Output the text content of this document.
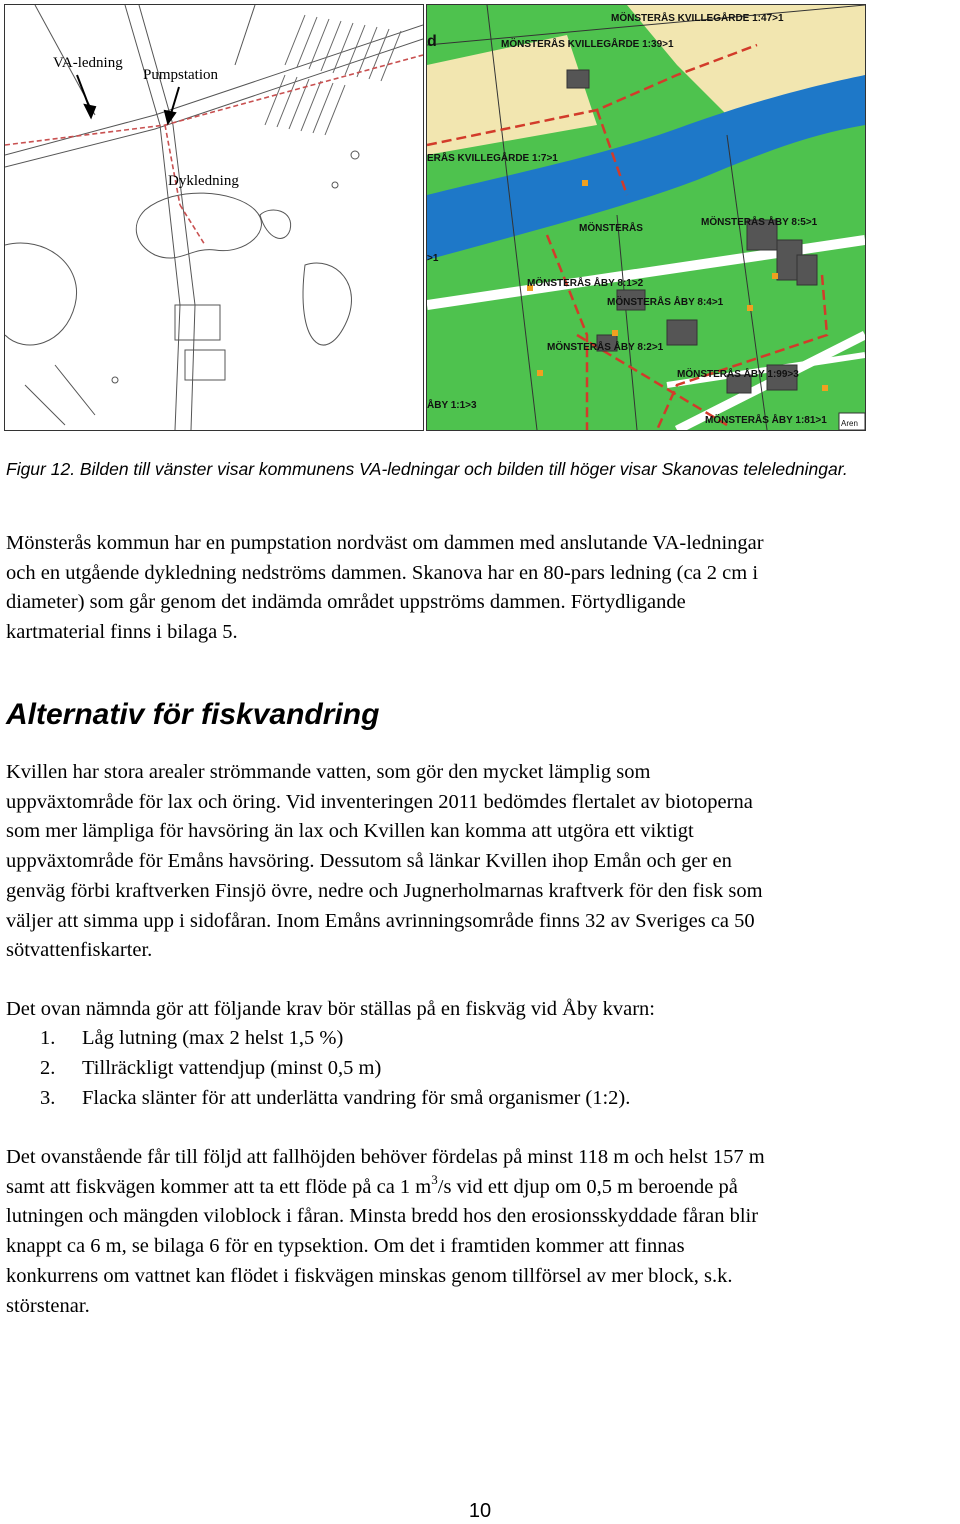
VA-ledning
Pumpstation
Dykledning
MÖNSTERÅS KVILLEGÅRDE 1:47>1
MÖNSTERÅS KVILLEGÅRDE 1:39>1
ERÅS KVILLEGÅRDE 1:7>1
MÖNSTERÅS
MÖNSTERÅS ÅBY 8:5>1
MÖNSTERÅS ÅBY 8:1>2
MÖNSTERÅS ÅBY 8:4>1
MÖNSTERÅS ÅBY 8:2>1
MÖNSTERÅS ÅBY 1:99>3
ÅBY 1:1>3
MÖNSTERÅS ÅBY 1:81>1
>1
d
Aren
Figur 12. Bilden till vänster visar kommunens VA-ledningar och bilden till höger visar Skanovas teleledningar.
Mönsterås kommun har en pumpstation nordväst om dammen med anslutande VA-ledningar
och en utgående dykledning nedströms dammen. Skanova har en 80-pars ledning (ca 2 cm i
diameter) som går genom det indämda området uppströms dammen. Förtydligande
kartmaterial finns i bilaga 5.
Alternativ för fiskvandring
Kvillen har stora arealer strömmande vatten, som gör den mycket lämplig som
uppväxtområde för lax och öring. Vid inventeringen 2011 bedömdes flertalet av biotoperna
som mer lämpliga för havsöring än lax och Kvillen kan komma att utgöra ett viktigt
uppväxtområde för Emåns havsöring. Dessutom så länkar Kvillen ihop Emån och ger en
genväg förbi kraftverken Finsjö övre, nedre och Jugnerholmarnas kraftverk för den fisk som
väljer att simma upp i sidofåran. Inom Emåns avrinningsområde finns 32 av Sveriges ca 50
sötvattenfiskarter.
Det ovan nämnda gör att följande krav bör ställas på en fiskväg vid Åby kvarn:
1. Låg lutning (max 2 helst 1,5 %)
2. Tillräckligt vattendjup (minst 0,5 m)
3. Flacka slänter för att underlätta vandring för små organismer (1:2).
Det ovanstående får till följd att fallhöjden behöver fördelas på minst 118 m och helst 157 m
samt att fiskvägen kommer att ta ett flöde på ca 1 $m^3/s$ vid ett djup om 0,5 m beroende på
lutningen och mängden viloblock i fåran. Minsta bredd hos den erosionsskyddade fåran blir
knappt ca 6 m, se bilaga 6 för en typsektion. Om det i framtiden kommer att finnas
konkurrens om vattnet kan flödet i fiskvägen minskas genom tillförsel av mer block, s.k.
störstenar.
10
